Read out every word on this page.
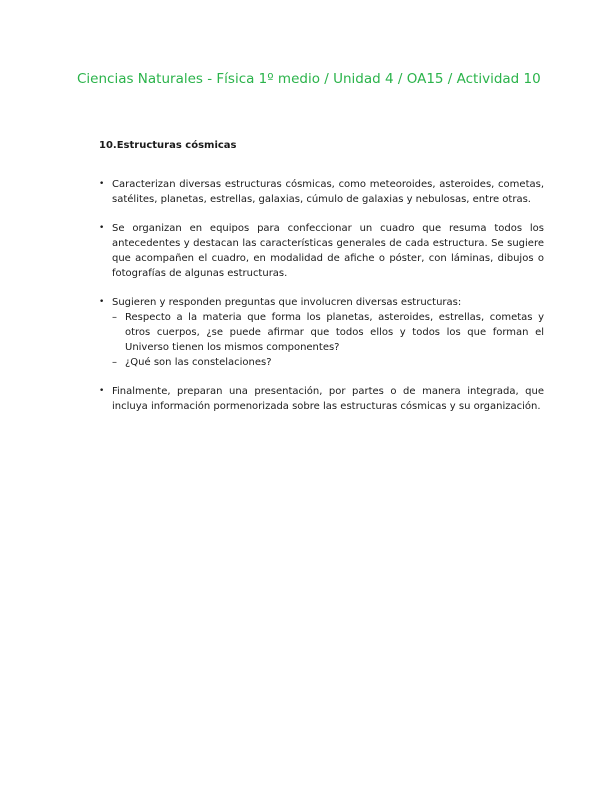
Ciencias Naturales - Física 1º medio / Unidad 4 / OA15 / Actividad 10
10.Estructuras cósmicas
• Caracterizan diversas estructuras cósmicas, como meteoroides, asteroides, cometas, satélites, planetas, estrellas, galaxias, cúmulo de galaxias y nebulosas, entre otras.
• Se organizan en equipos para confeccionar un cuadro que resuma todos los antecedentes y destacan las características generales de cada estructura. Se sugiere que acompañen el cuadro, en modalidad de afiche o póster, con láminas, dibujos o fotografías de algunas estructuras.
• Sugieren y responden preguntas que involucren diversas estructuras:
– Respecto a la materia que forma los planetas, asteroides, estrellas, cometas y otros cuerpos, ¿se puede afirmar que todos ellos y todos los que forman el Universo tienen los mismos componentes?
– ¿Qué son las constelaciones?
• Finalmente, preparan una presentación, por partes o de manera integrada, que incluya información pormenorizada sobre las estructuras cósmicas y su organización.
